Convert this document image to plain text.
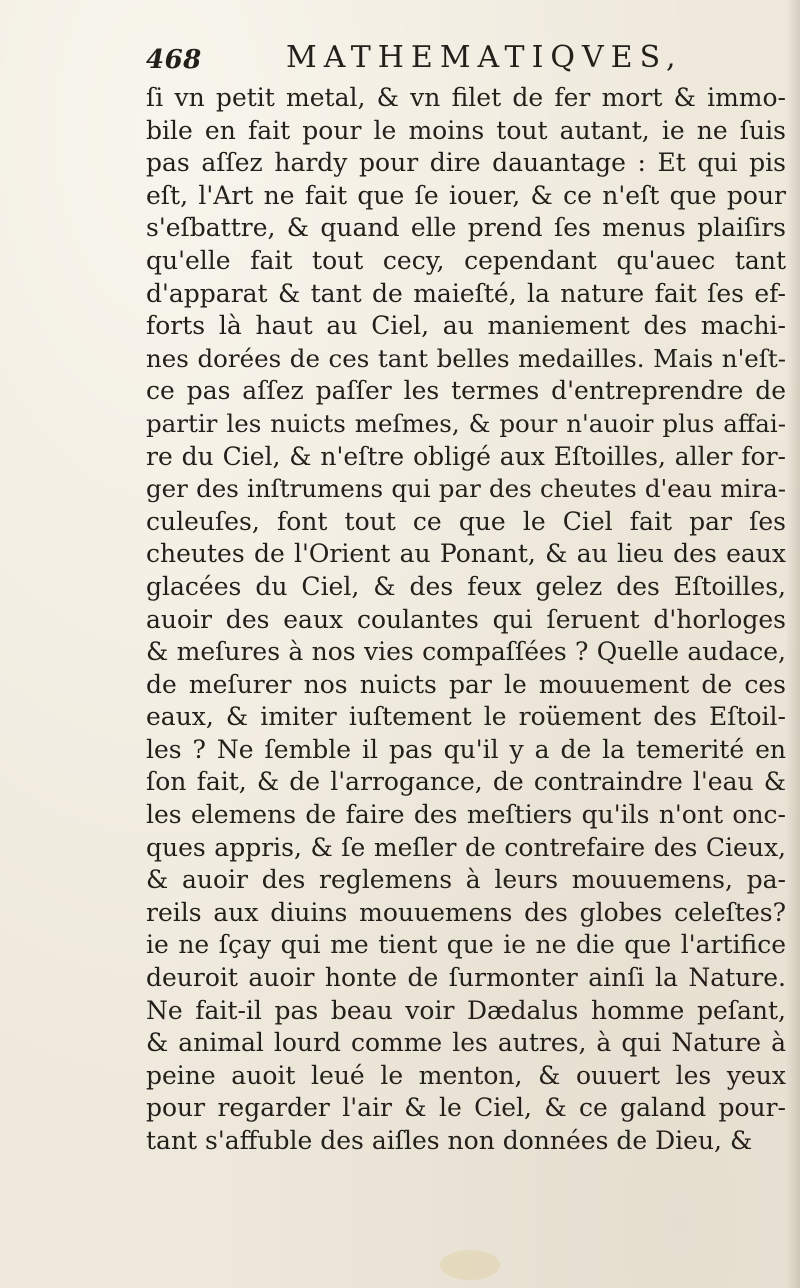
468	MATHEMATIQVES,
ſi vn petit metal, & vn filet de fer mort & immo-
bile en fait pour le moins tout autant, ie ne ſuis
pas aſſez hardy pour dire dauantage : Et qui pis
eſt, l'Art ne fait que ſe iouer, & ce n'eſt que pour
s'eſbattre, & quand elle prend ſes menus plaiſirs
qu'elle fait tout cecy, cependant qu'auec tant
d'apparat & tant de maieſté, la nature fait ſes ef-
forts là haut au Ciel, au maniement des machi-
nes dorées de ces tant belles medailles. Mais n'eſt-
ce pas aſſez paſſer les termes d'entreprendre de
partir les nuicts meſmes, & pour n'auoir plus affai-
re du Ciel, & n'eſtre obligé aux Eſtoilles, aller for-
ger des inſtrumens qui par des cheutes d'eau mira-
culeuſes, font tout ce que le Ciel fait par ſes
cheutes de l'Orient au Ponant, & au lieu des eaux
glacées du Ciel, & des feux gelez des Eſtoilles,
auoir des eaux coulantes qui ſeruent d'horloges
& meſures à nos vies compaſſées ? Quelle audace,
de meſurer nos nuicts par le mouuement de ces
eaux, & imiter iuſtement le roüement des Eſtoil-
les ? Ne ſemble il pas qu'il y a de la temerité en
ſon fait, & de l'arrogance, de contraindre l'eau &
les elemens de faire des meſtiers qu'ils n'ont onc-
ques appris, & ſe meſler de contrefaire des Cieux,
& auoir des reglemens à leurs mouuemens, pa-
reils aux diuins mouuemens des globes celeſtes?
ie ne ſçay qui me tient que ie ne die que l'artifice
deuroit auoir honte de ſurmonter ainſi la Nature.
Ne fait-il pas beau voir Dædalus homme peſant,
& animal lourd comme les autres, à qui Nature à
peine auoit leué le menton, & ouuert les yeux
pour regarder l'air & le Ciel, & ce galand pour-
tant s'affuble des aiſles non données de Dieu, &
